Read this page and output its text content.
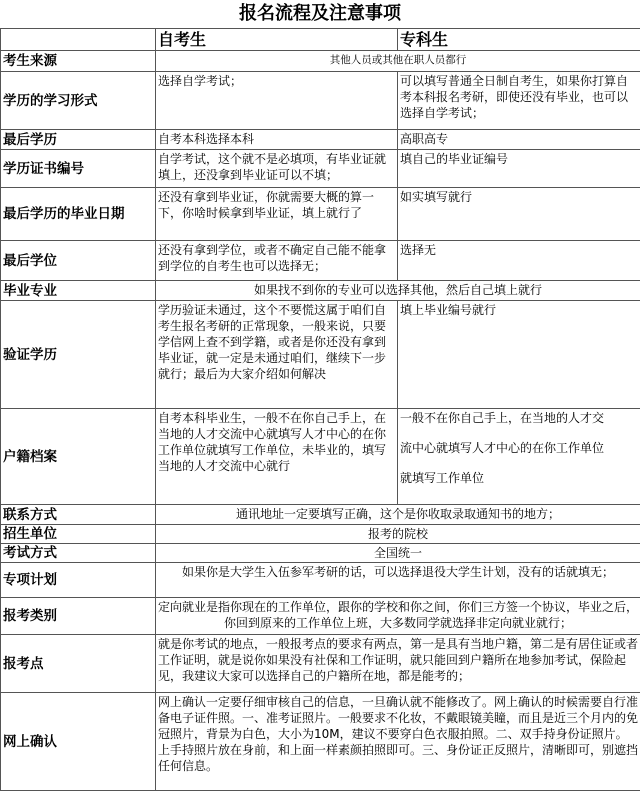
报名流程及注意事项
	自考生	专科生
考生来源	其他人员或其他在职人员都行	
学历的学习形式	选择自学考试；	可以填写普通全日制自考生，如果你打算自考本科报名考研，即使还没有毕业，也可以选择自学考试；
最后学历	自考本科选择本科	高职高专
学历证书编号	自学考试，这个就不是必填项，有毕业证就填上，还没拿到毕业证可以不填；	填自己的毕业证编号
最后学历的毕业日期	还没有拿到毕业证，你就需要大概的算一下，你啥时候拿到毕业证，填上就行了	如实填写就行
最后学位	还没有拿到学位，或者不确定自己能不能拿到学位的自考生也可以选择无；	选择无
毕业专业	如果找不到你的专业可以选择其他，然后自己填上就行	
验证学历	学历验证未通过，这个不要慌这属于咱们自考生报名考研的正常现象，一般来说，只要学信网上查不到学籍，或者是你还没有拿到毕业证，就一定是未通过咱们，继续下一步就行；最后为大家介绍如何解决	填上毕业编号就行
户籍档案	自考本科毕业生，一般不在你自己手上，在当地的人才交流中心就填写人才中心的在你工作单位就填写工作单位，未毕业的，填写当地的人才交流中心就行	一般不在你自己手上，在当地的人才交
流中心就填写人才中心的在你工作单位
就填写工作单位

联系方式	通讯地址一定要填写正确，这个是你收取录取通知书的地方；	
招生单位	报考的院校	
考试方式	全国统一	
专项计划	如果你是大学生入伍参军考研的话，可以选择退役大学生计划，没有的话就填无；	
报考类别	定向就业是指你现在的工作单位，跟你的学校和你之间，你们三方签一个协议，毕业之后，你回到原来的工作单位上班，大多数同学就选择非定向就业就行；	
报考点	就是你考试的地点，一般报考点的要求有两点，第一是具有当地户籍，第二是有居住证或者工作证明，就是说你如果没有社保和工作证明，就只能回到户籍所在地参加考试，保险起见，我建议大家可以选择自己的户籍所在地，都是能考的；	
网上确认	网上确认一定要仔细审核自己的信息，一旦确认就不能修改了。网上确认的时候需要自行准备电子证件照。一、准考证照片。一般要求不化妆，不戴眼镜美瞳，而且是近三个月内的免冠照片，背景为白色，大小为10M，建议不要穿白色衣服拍照。二、双手持身份证照片。上手持照片放在身前，和上面一样素颜拍照即可。三、身份证正反照片，清晰即可，别遮挡任何信息。	
